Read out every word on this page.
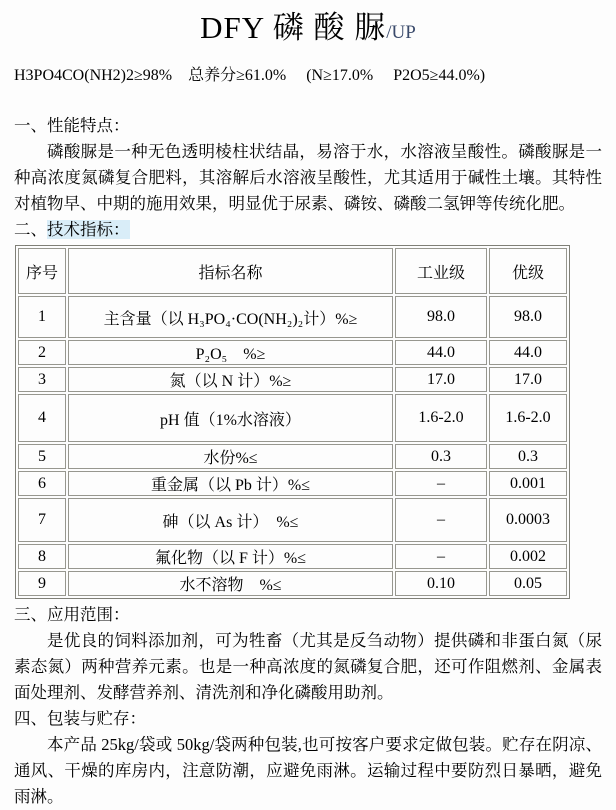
DFY 磷 酸 脲/UP
H3PO4CO(NH2)2≥98%　总养分≥61.0%　 (N≥17.0%　 P2O5≥44.0%)
一、性能特点：

磷酸脲是一种无色透明棱柱状结晶，易溶于水，水溶液呈酸性。磷酸脲是一种高浓度氮磷复合肥料，其溶解后水溶液呈酸性，尤其适用于碱性土壤。其特性对植物早、中期的施用效果，明显优于尿素、磷铵、磷酸二氢钾等传统化肥。

二、技术指标：
序号	指标名称	工业级	优级
1	主含量（以 H₃PO₄·CO(NH₂)₂计）%≥	98.0	98.0
2	P₂O₅　%≥	44.0	44.0
3	氮（以 N 计）%≥	17.0	17.0
4	pH 值（1%水溶液）	1.6-2.0	1.6-2.0
5	水份%≤	0.3	0.3
6	重金属（以 Pb 计）%≤	–	0.001
7	砷（以 As 计）　%≤	–	0.0003
8	氟化物（以 F 计）%≤	–	0.002
9	水不溶物　%≤	0.10	0.05
三、应用范围：

是优良的饲料添加剂，可为牲畜（尤其是反刍动物）提供磷和非蛋白氮（尿素态氮）两种营养元素。也是一种高浓度的氮磷复合肥，还可作阻燃剂、金属表面处理剂、发酵营养剂、清洗剂和净化磷酸用助剂。

四、包装与贮存：

本产品 25kg/袋或 50kg/袋两种包装,也可按客户要求定做包装。贮存在阴凉、通风、干燥的库房内，注意防潮，应避免雨淋。运输过程中要防烈日暴晒，避免雨淋。
